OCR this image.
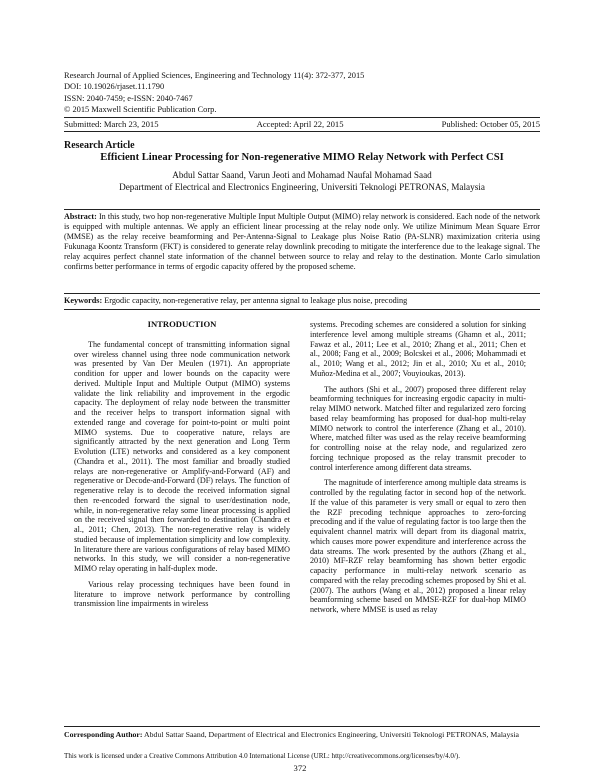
Research Journal of Applied Sciences, Engineering and Technology 11(4): 372-377, 2015
DOI: 10.19026/rjaset.11.1790
ISSN: 2040-7459; e-ISSN: 2040-7467
© 2015 Maxwell Scientific Publication Corp.
Submitted: March 23, 2015	Accepted: April 22, 2015	Published: October 05, 2015
Research Article
Efficient Linear Processing for Non-regenerative MIMO Relay Network with Perfect CSI
Abdul Sattar Saand, Varun Jeoti and Mohamad Naufal Mohamad Saad
Department of Electrical and Electronics Engineering, Universiti Teknologi PETRONAS, Malaysia
Abstract: In this study, two hop non-regenerative Multiple Input Multiple Output (MIMO) relay network is considered. Each node of the network is equipped with multiple antennas. We apply an efficient linear processing at the relay node only. We utilize Minimum Mean Square Error (MMSE) as the relay receive beamforming and Per-Antenna-Signal to Leakage plus Noise Ratio (PA-SLNR) maximization criteria using Fukunaga Koontz Transform (FKT) is considered to generate relay downlink precoding to mitigate the interference due to the leakage signal. The relay acquires perfect channel state information of the channel between source to relay and relay to the destination. Monte Carlo simulation confirms better performance in terms of ergodic capacity offered by the proposed scheme.
Keywords: Ergodic capacity, non-regenerative relay, per antenna signal to leakage plus noise, precoding

INTRODUCTION

The fundamental concept of transmitting information signal over wireless channel using three node communication network was presented by Van Der Meulen (1971). An appropriate condition for upper and lower bounds on the capacity were derived. Multiple Input and Multiple Output (MIMO) systems validate the link reliability and improvement in the ergodic capacity. The deployment of relay node between the transmitter and the receiver helps to transport information signal with extended range and coverage for point-to-point or multi point MIMO systems. Due to cooperative nature, relays are significantly attracted by the next generation and Long Term Evolution (LTE) networks and considered as a key component (Chandra et al., 2011). The most familiar and broadly studied relays are non-regenerative or Amplify-and-Forward (AF) and regenerative or Decode-and-Forward (DF) relays. The function of regenerative relay is to decode the received information signal then re-encoded forward the signal to user/destination node, while, in non-regenerative relay some linear processing is applied on the received signal then forwarded to destination (Chandra et al., 2011; Chen, 2013). The non-regenerative relay is widely studied because of implementation simplicity and low complexity. In literature there are various configurations of relay based MIMO networks. In this study, we will consider a non-regenerative MIMO relay operating in half-duplex mode.

Various relay processing techniques have been found in literature to improve network performance by controlling transmission line impairments in wireless

systems. Precoding schemes are considered a solution for sinking interference level among multiple streams (Ghamn et al., 2011; Fawaz et al., 2011; Lee et al., 2010; Zhang et al., 2011; Chen et al., 2008; Fang et al., 2009; Bolcskei et al., 2006; Mohammadi et al., 2010; Wang et al., 2012; Jin et al., 2010; Xu et al., 2010; Muñoz-Medina et al., 2007; Vouyioukas, 2013).

The authors (Shi et al., 2007) proposed three different relay beamforming techniques for increasing ergodic capacity in multi-relay MIMO network. Matched filter and regularized zero forcing based relay beamforming has proposed for dual-hop multi-relay MIMO network to control the interference (Zhang et al., 2010). Where, matched filter was used as the relay receive beamforming for controlling noise at the relay node, and regularized zero forcing technique proposed as the relay transmit precoder to control interference among different data streams.

The magnitude of interference among multiple data streams is controlled by the regulating factor in second hop of the network. If the value of this parameter is very small or equal to zero then the RZF precoding technique approaches to zero-forcing precoding and if the value of regulating factor is too large then the equivalent channel matrix will depart from its diagonal matrix, which causes more power expenditure and interference across the data streams. The work presented by the authors (Zhang et al., 2010) MF-RZF relay beamforming has shown better ergodic capacity performance in multi-relay network scenario as compared with the relay precoding schemes proposed by Shi et al. (2007). The authors (Wang et al., 2012) proposed a linear relay beamforming scheme based on MMSE-RZF for dual-hop MIMO network, where MMSE is used as relay

Corresponding Author: Abdul Sattar Saand, Department of Electrical and Electronics Engineering, Universiti Teknologi PETRONAS, Malaysia
This work is licensed under a Creative Commons Attribution 4.0 International License (URL: http://creativecommons.org/licenses/by/4.0/).
372
